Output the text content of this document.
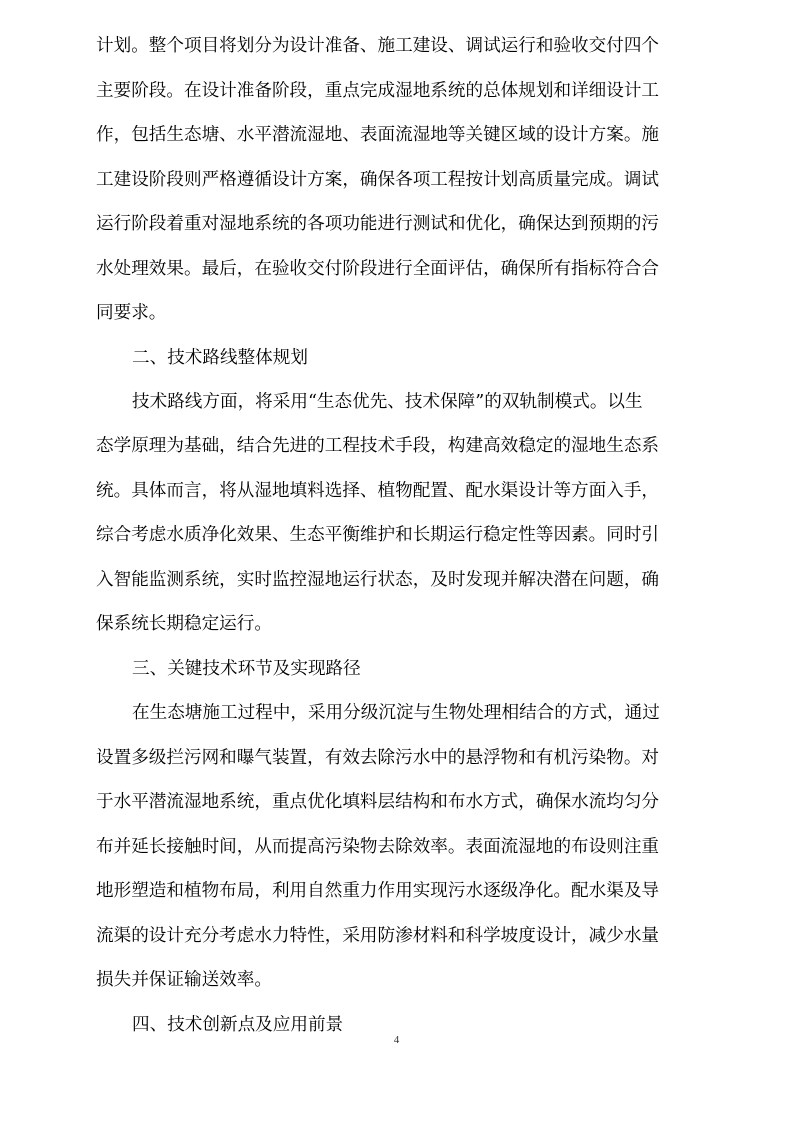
计划。整个项目将划分为设计准备、施工建设、调试运行和验收交付四个
主要阶段。在设计准备阶段，重点完成湿地系统的总体规划和详细设计工
作，包括生态塘、水平潜流湿地、表面流湿地等关键区域的设计方案。施
工建设阶段则严格遵循设计方案，确保各项工程按计划高质量完成。调试
运行阶段着重对湿地系统的各项功能进行测试和优化，确保达到预期的污
水处理效果。最后，在验收交付阶段进行全面评估，确保所有指标符合合
同要求。
二、技术路线整体规划
技术路线方面，将采用“生态优先、技术保障”的双轨制模式。以生
态学原理为基础，结合先进的工程技术手段，构建高效稳定的湿地生态系
统。具体而言，将从湿地填料选择、植物配置、配水渠设计等方面入手，
综合考虑水质净化效果、生态平衡维护和长期运行稳定性等因素。同时引
入智能监测系统，实时监控湿地运行状态，及时发现并解决潜在问题，确
保系统长期稳定运行。
三、关键技术环节及实现路径
在生态塘施工过程中，采用分级沉淀与生物处理相结合的方式，通过
设置多级拦污网和曝气装置，有效去除污水中的悬浮物和有机污染物。对
于水平潜流湿地系统，重点优化填料层结构和布水方式，确保水流均匀分
布并延长接触时间，从而提高污染物去除效率。表面流湿地的布设则注重
地形塑造和植物布局，利用自然重力作用实现污水逐级净化。配水渠及导
流渠的设计充分考虑水力特性，采用防渗材料和科学坡度设计，减少水量
损失并保证输送效率。
四、技术创新点及应用前景
4
